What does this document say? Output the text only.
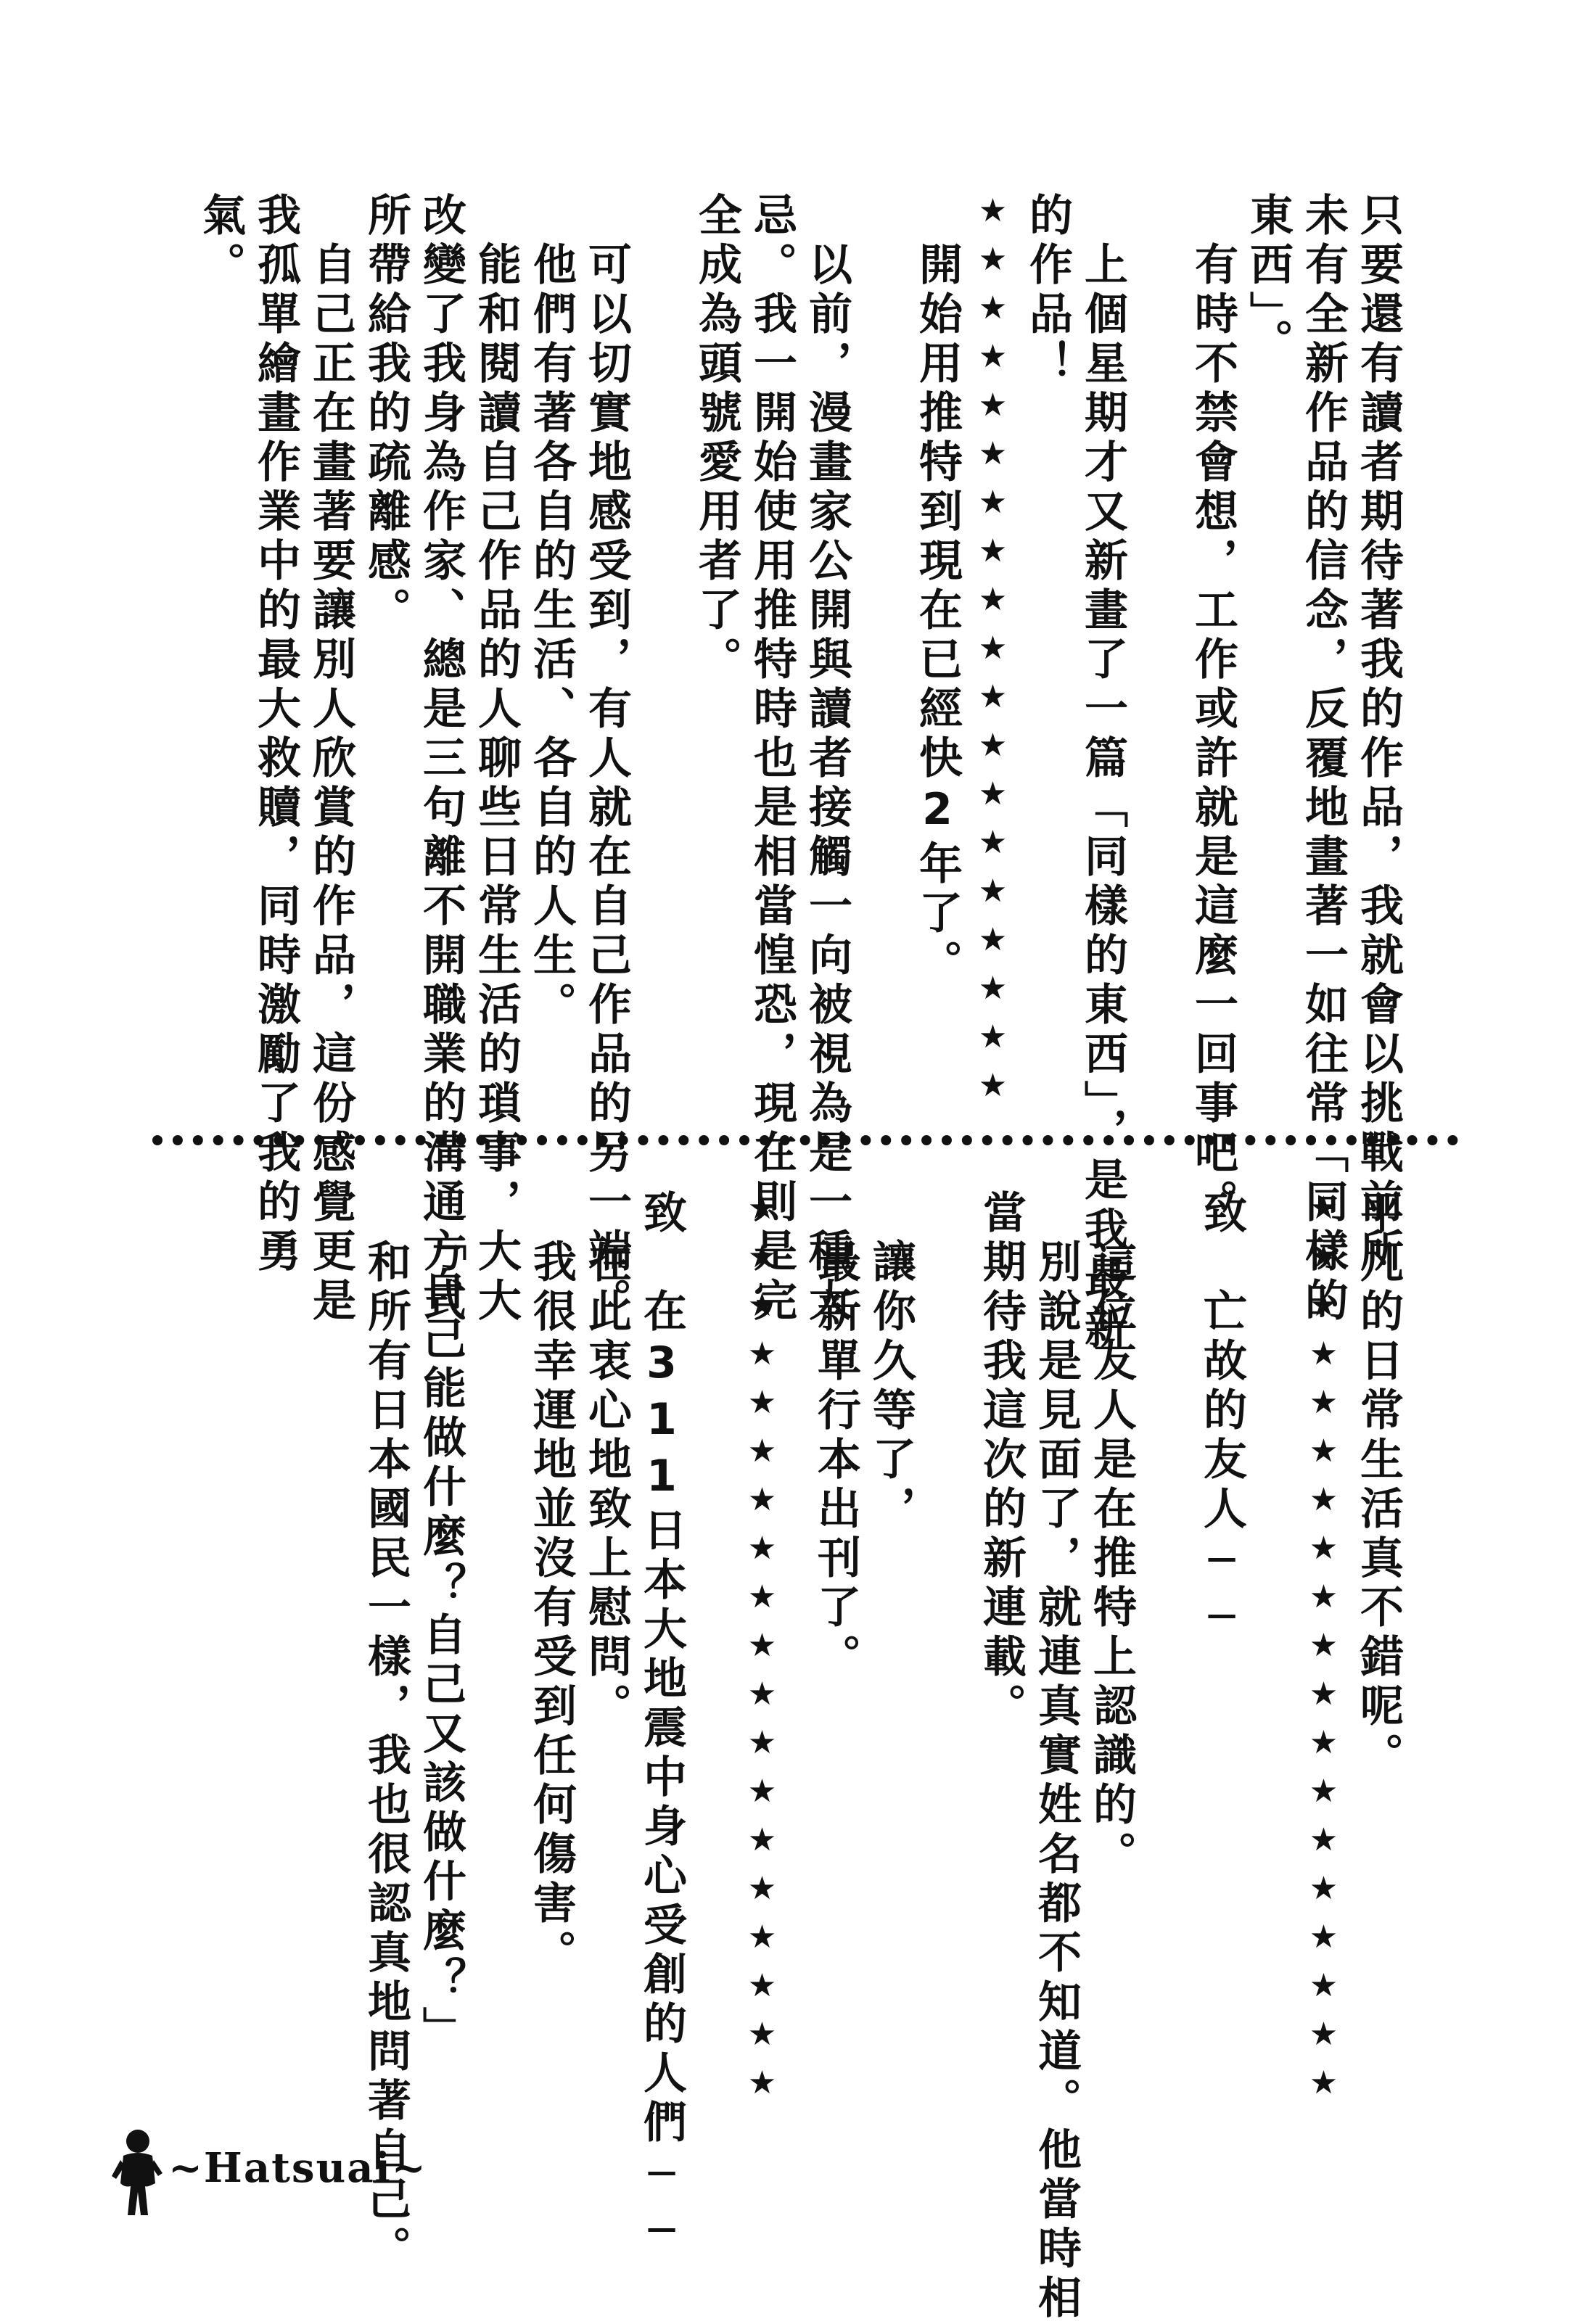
只要還有讀者期待著我的作品，我就會以挑戰前所
未有全新作品的信念，反覆地畫著一如往常「同樣的
東西」。
　有時不禁會想，工作或許就是這麼一回事吧。
　上個星期才又新畫了一篇「同樣的東西」，是我最新
的作品！
★★★★★★★★★★★★★★★★★★★
　開始用推特到現在已經快2年了。
　以前，漫畫家公開與讀者接觸一向被視為是一種大
忌。我一開始使用推特時也是相當惶恐，現在則是完
全成為頭號愛用者了。
　可以切實地感受到，有人就在自己作品的另一端。
　他們有著各自的生活、各自的人生。
　能和閱讀自己作品的人聊些日常生活的瑣事，大大
改變了我身為作家、總是三句離不開職業的溝通方式
所帶給我的疏離感。
　自己正在畫著要讓別人欣賞的作品，這份感覺更是
我孤單繪畫作業中的最大救贖，同時激勵了我的勇
氣。
平凡的日常生活真不錯呢。
★★★★★★★★★★★★★★★★★★★
致　亡故的友人──
　這位友人是在推特上認識的。
　別說是見面了，就連真實姓名都不知道。他當時相
當期待我這次的新連載。
　讓你久等了，
　最新單行本出刊了。
★★★★★★★★★★★★★★★★★★★
致　在311日本大地震中身心受創的人們──
　在此衷心地致上慰問。
　我很幸運地並沒有受到任何傷害。
　「自己能做什麼？自己又該做什麼？」
　和所有日本國民一樣，我也很認真地問著自己。
~Hatsuai~
